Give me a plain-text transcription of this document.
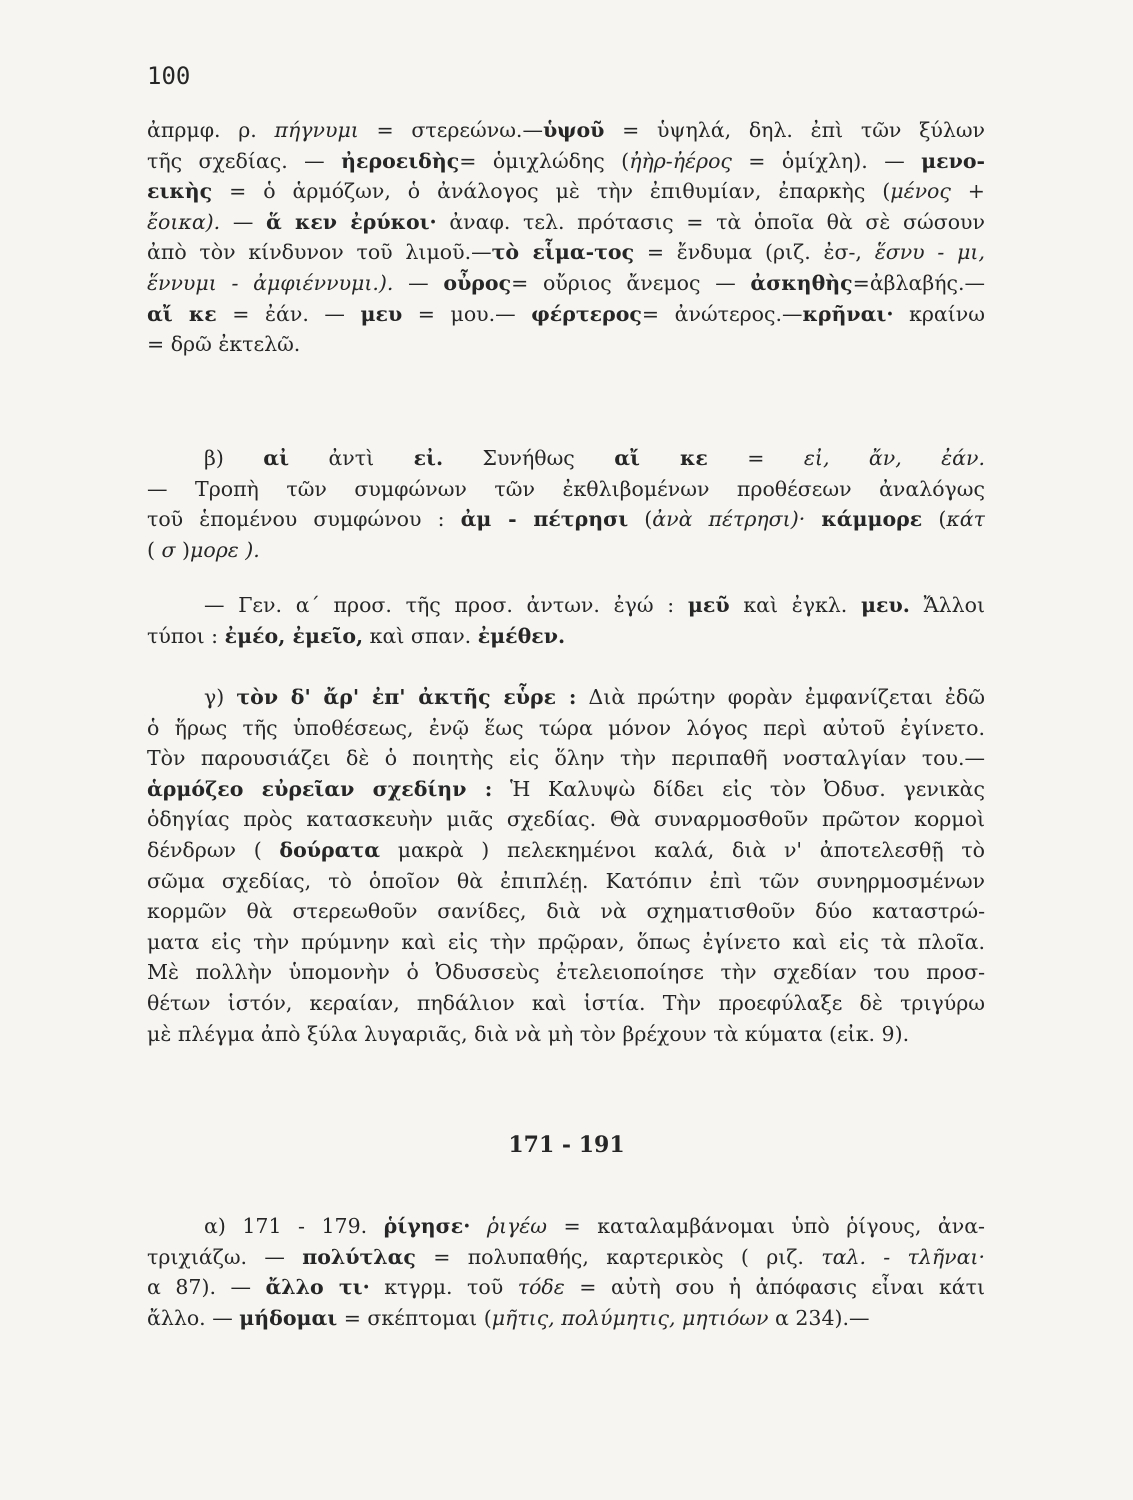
100
ἀπρμφ. ρ. πήγνυμι = στερεώνω.—ὑψοῦ = ὑψηλά, δηλ. ἐπὶ τῶν ξύλων
τῆς σχεδίας. — ἠεροειδὴς= ὁμιχλώδης (ἠὴρ-ἠέρος = ὁμίχλη). — μενο-
εικὴς = ὁ ἁρμόζων, ὁ ἀνάλογος μὲ τὴν ἐπιθυμίαν, ἐπαρκὴς (μένος +
ἔοικα). — ἅ κεν ἐρύκοι· ἀναφ. τελ. πρότασις = τὰ ὁποῖα θὰ σὲ σώσουν
ἀπὸ τὸν κίνδυνον τοῦ λιμοῦ.—τὸ εἷμα-τος = ἔνδυμα (ριζ. ἐσ-, ἕσνυ - μι,
ἕννυμι - ἀμφιέννυμι.). — οὖρος= οὔριος ἄνεμος — ἀσκηθὴς=ἀβλαβής.—
αἴ κε = ἐάν. — μευ = μου.— φέρτερος= ἀνώτερος.—κρῆναι· κραίνω
= δρῶ ἐκτελῶ.
β) αἰ ἀντὶ εἰ. Συνήθως αἴ κε = εἰ, ἄν, ἐάν.
— Τροπὴ τῶν συμφώνων τῶν ἐκθλιβομένων προθέσεων ἀναλόγως
τοῦ ἑπομένου συμφώνου : ἀμ - πέτρησι (ἀνὰ πέτρησι)· κάμμορε (κάτ
( σ )μορε ).
— Γεν. α΄ προσ. τῆς προσ. ἀντων. ἐγώ : μεῦ καὶ ἐγκλ. μευ. Ἄλλοι
τύποι : ἐμέο, ἐμεῖο, καὶ σπαν. ἐμέθεν.
γ) τὸν δ' ἄρ' ἐπ' ἀκτῆς εὗρε : Διὰ πρώτην φορὰν ἐμφανίζεται ἐδῶ
ὁ ἥρως τῆς ὑποθέσεως, ἐνῷ ἕως τώρα μόνον λόγος περὶ αὐτοῦ ἐγίνετο.
Τὸν παρουσιάζει δὲ ὁ ποιητὴς εἰς ὅλην τὴν περιπαθῆ νοσταλγίαν του.—
ἁρμόζεο εὐρεῖαν σχεδίην : Ἡ Καλυψὼ δίδει εἰς τὸν Ὀδυσ. γενικὰς
ὁδηγίας πρὸς κατασκευὴν μιᾶς σχεδίας. Θὰ συναρμοσθοῦν πρῶτον κορμοὶ
δένδρων ( δούρατα μακρὰ ) πελεκημένοι καλά, διὰ ν' ἀποτελεσθῇ τὸ
σῶμα σχεδίας, τὸ ὁποῖον θὰ ἐπιπλέῃ. Κατόπιν ἐπὶ τῶν συνηρμοσμένων
κορμῶν θὰ στερεωθοῦν σανίδες, διὰ νὰ σχηματισθοῦν δύο καταστρώ-
ματα εἰς τὴν πρύμνην καὶ εἰς τὴν πρῷραν, ὅπως ἐγίνετο καὶ εἰς τὰ πλοῖα.
Μὲ πολλὴν ὑπομονὴν ὁ Ὀδυσσεὺς ἐτελειοποίησε τὴν σχεδίαν του προσ-
θέτων ἱστόν, κεραίαν, πηδάλιον καὶ ἱστία. Τὴν προεφύλαξε δὲ τριγύρω
μὲ πλέγμα ἀπὸ ξύλα λυγαριᾶς, διὰ νὰ μὴ τὸν βρέχουν τὰ κύματα (εἰκ. 9).
171 - 191
α) 171 - 179. ῥίγησε· ῥιγέω = καταλαμβάνομαι ὑπὸ ῥίγους, ἀνα-
τριχιάζω. — πολύτλας = πολυπαθής, καρτερικὸς ( ριζ. ταλ. - τλῆναι·
α 87). — ἄλλο τι· κτγρμ. τοῦ τόδε = αὐτὴ σου ἡ ἀπόφασις εἶναι κάτι
ἄλλο. — μήδομαι = σκέπτομαι (μῆτις, πολύμητις, μητιόων α 234).—
